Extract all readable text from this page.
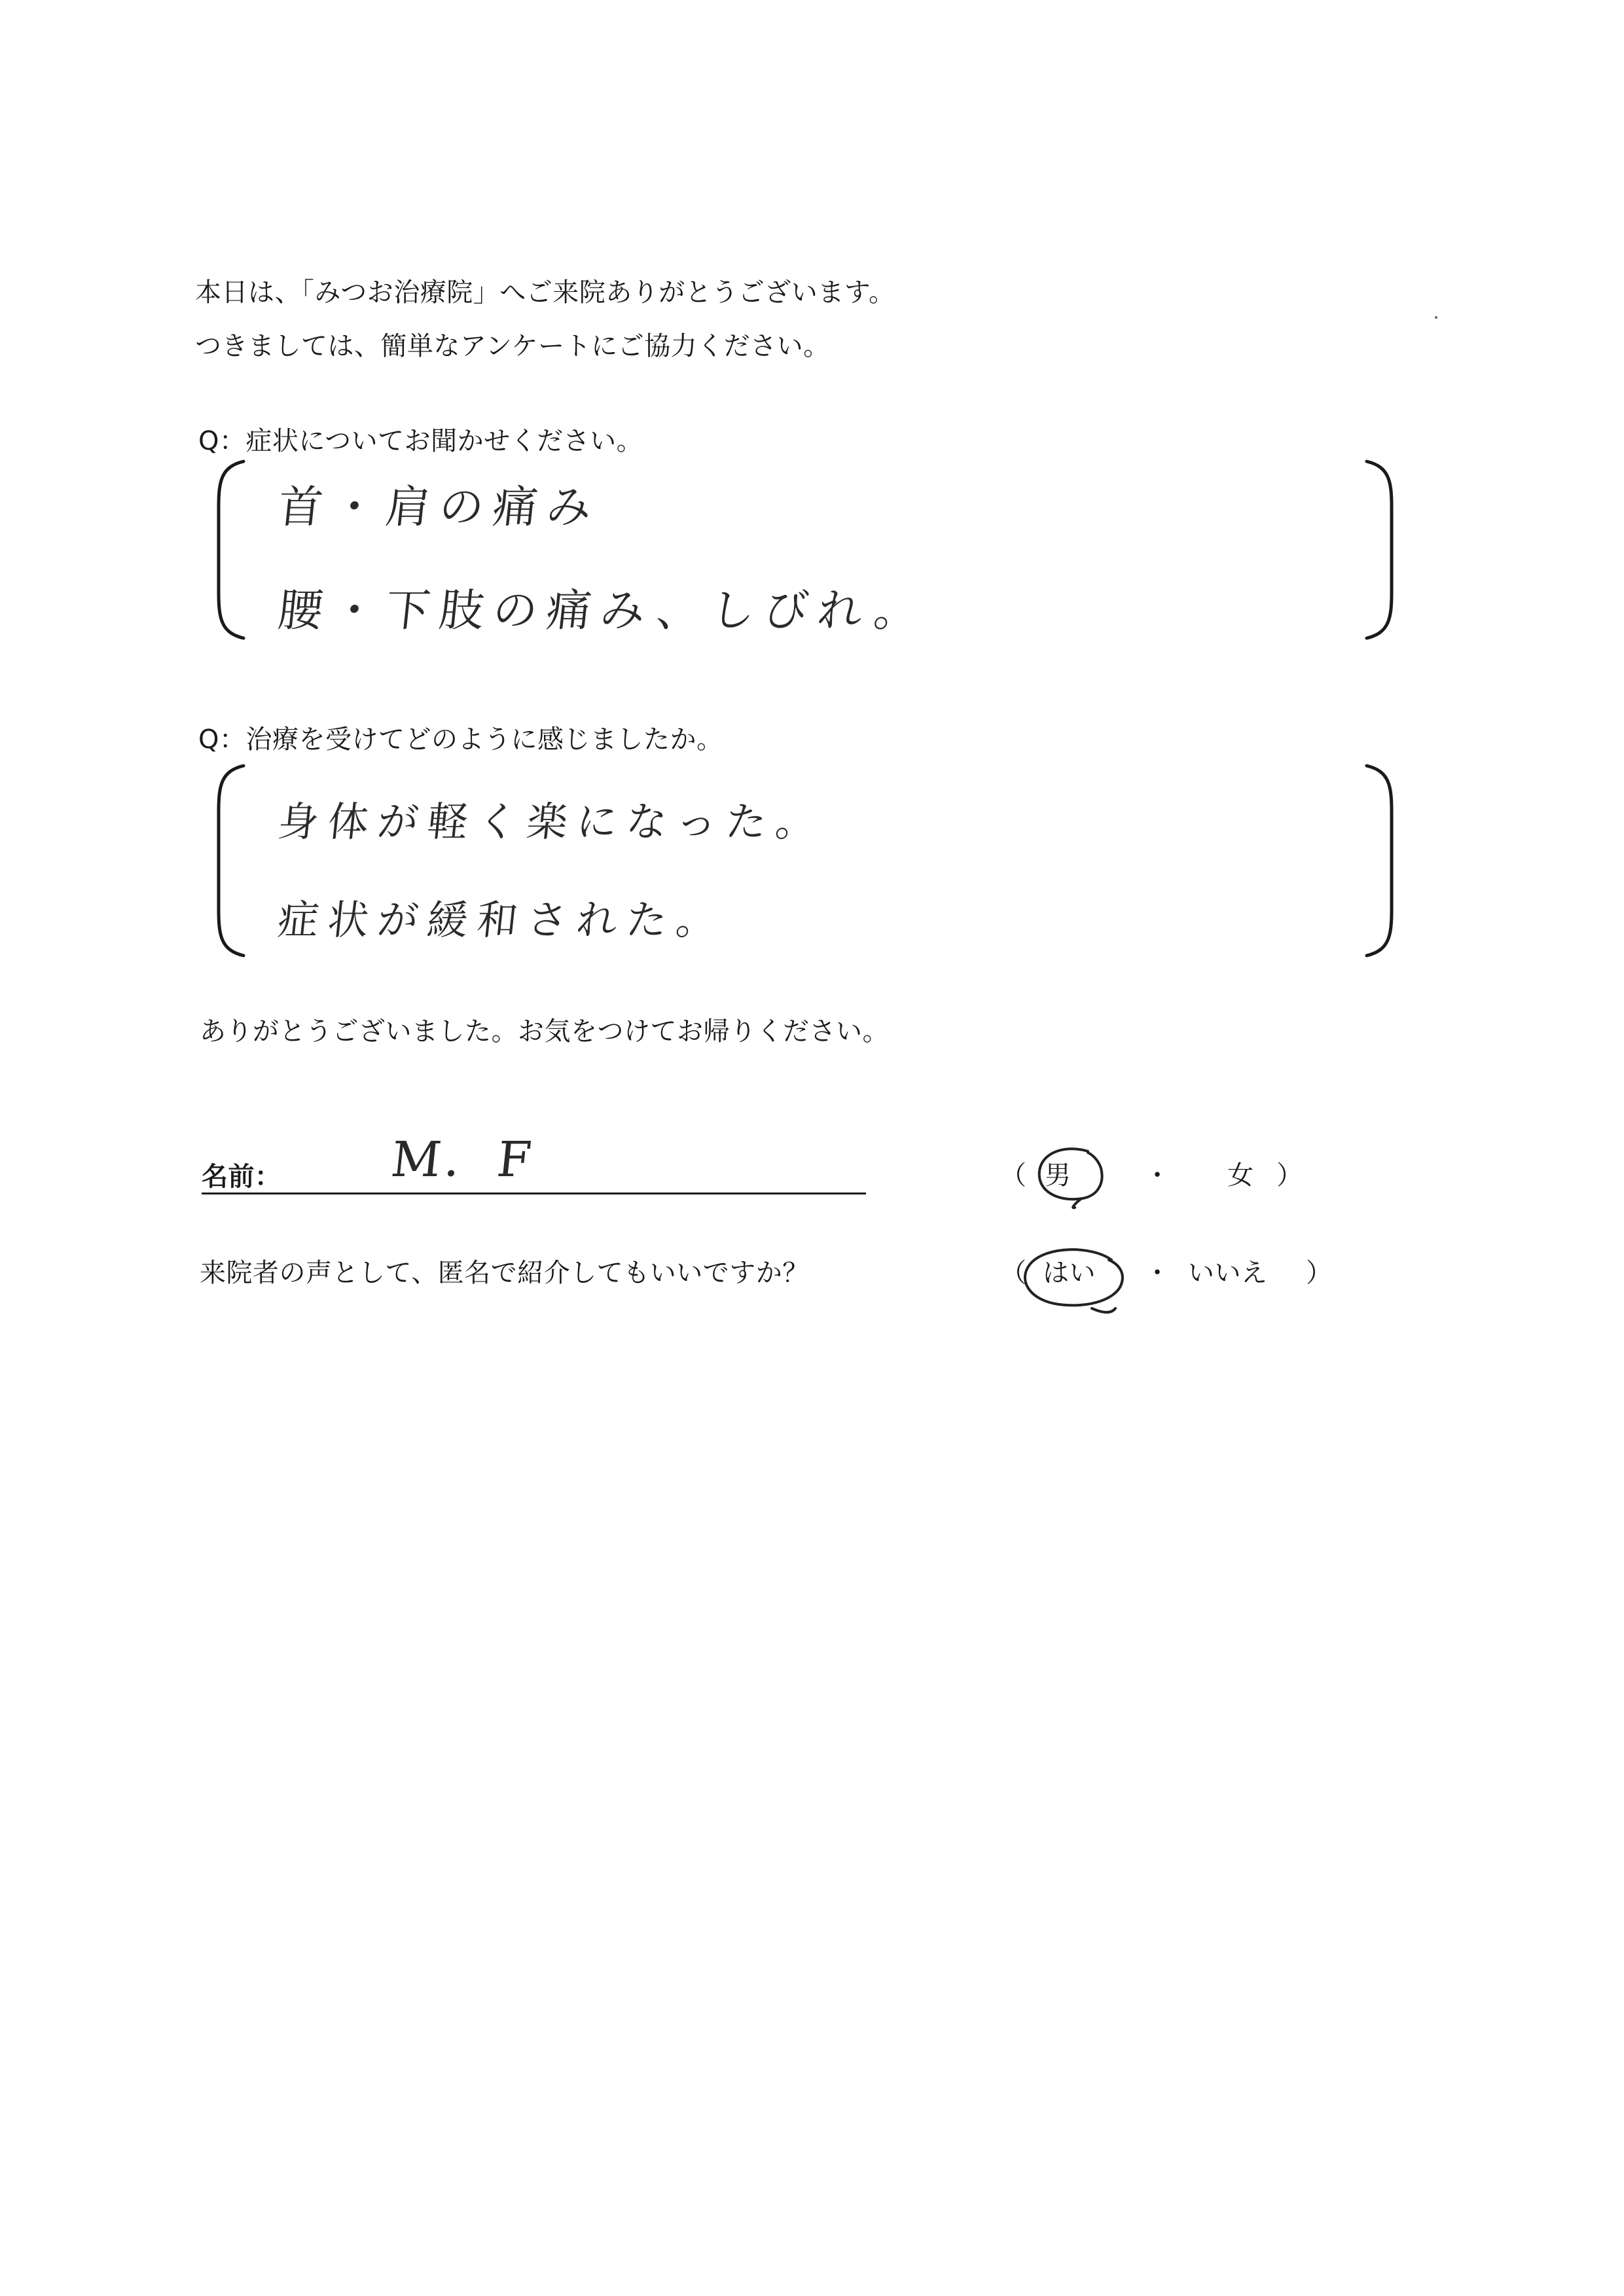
本日は、「みつお治療院」へご来院ありがとうございます。
つきましては、簡単なアンケートにご協力ください。
Q：症状についてお聞かせください。
首・肩の痛み
腰・下肢の痛み、しびれ。
Q：治療を受けてどのように感じましたか。
身体が軽く楽になった。
症状が緩和された。
ありがとうございました。お気をつけてお帰りください。
名前： M．F	（ 男	・ 女 ）
来院者の声として、匿名で紹介してもいいですか？	（ はい ・ いいえ ）
